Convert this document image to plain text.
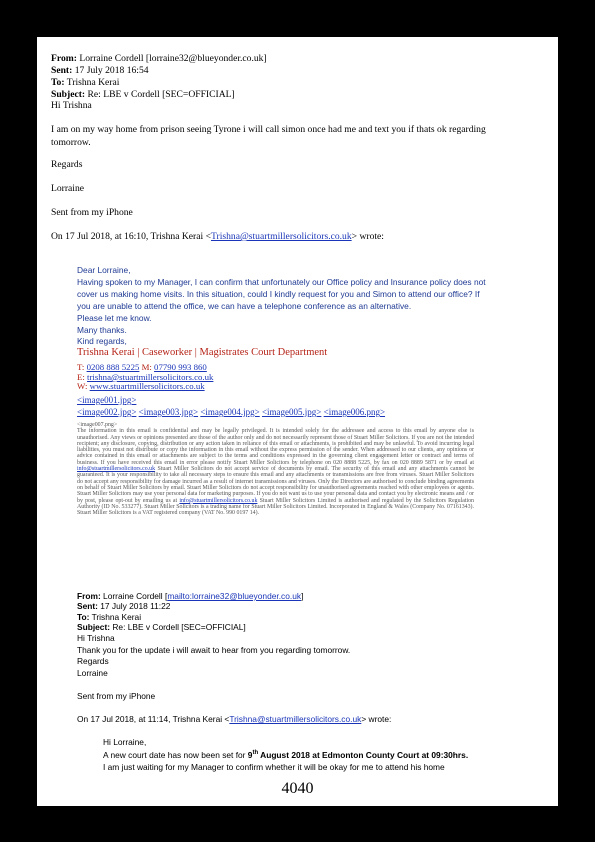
From: Lorraine Cordell [lorraine32@blueyonder.co.uk]
Sent: 17 July 2018 16:54
To: Trishna Kerai
Subject: Re: LBE v Cordell [SEC=OFFICIAL]
Hi Trishna
I am on my way home from prison seeing Tyrone i will call simon once had me and text you if thats ok regarding
tomorrow.
Regards
Lorraine
Sent from my iPhone
On 17 Jul 2018, at 16:10, Trishna Kerai <Trishna@stuartmillersolicitors.co.uk> wrote:
Dear Lorraine,
Having spoken to my Manager, I can confirm that unfortunately our Office policy and Insurance policy does not
cover us making home visits. In this situation, could I kindly request for you and Simon to attend our office? If
you are unable to attend the office, we can have a telephone conference as an alternative.
Please let me know.
Many thanks.
Kind regards,
Trishna Kerai | Caseworker | Magistrates Court Department
T: 0208 888 5225 M: 07790 993 860
E: trishna@stuartmillersolicitors.co.uk
W: www.stuartmillersolicitors.co.uk
<image001.jpg>
<image002.jpg> <image003.jpg> <image004.jpg> <image005.jpg> <image006.png>
<image007.png>
The information in this email is confidential and may be legally privileged. It is intended solely for the addressee and access to this email by anyone else is unauthorised. Any views or opinions presented are those of the author only and do not necessarily represent those of Stuart Miller Solicitors. If you are not the intended recipient; any disclosure, copying, distribution or any action taken in reliance of this email or attachments, is prohibited and may be unlawful. To avoid incurring legal liabilities, you must not distribute or copy the information in this email without the express permission of the sender. When addressed to our clients, any opinions or advice contained in this email or attachments are subject to the terms and conditions expressed in the governing client engagement letter or contract and terms of business. If you have received this email in error please notify Stuart Miller Solicitors by telephone on 020 8888 5225, by fax on 020 8889 5871 or by email at info@stuartmillersolicitors.co.uk Stuart Miller Solicitors do not accept service of documents by email. The security of this email and any attachments cannot be guaranteed. It is your responsibility to take all necessary steps to ensure this email and any attachments or transmissions are free from viruses. Stuart Miller Solicitors do not accept any responsibility for damage incurred as a result of internet transmissions and viruses. Only the Directors are authorised to conclude binding agreements on behalf of Stuart Miller Solicitors by email. Stuart Miller Solicitors do not accept responsibility for unauthorised agreements reached with other employees or agents. Stuart Miller Solicitors may use your personal data for marketing purposes. If you do not want us to use your personal data and contact you by electronic means and / or by post, please opt-out by emailing us at info@stuartmillersolicitors.co.uk Stuart Miller Solicitors Limited is authorised and regulated by the Solicitors Regulation Authority (ID No. 533277). Stuart Miller Solicitors is a trading name for Stuart Miller Solicitors Limited. Incorporated in England & Wales (Company No. 07161343). Stuart Miller Solicitors is a VAT registered company (VAT No. 990 0197 14).
From: Lorraine Cordell [mailto:lorraine32@blueyonder.co.uk]
Sent: 17 July 2018 11:22
To: Trishna Kerai
Subject: Re: LBE v Cordell [SEC=OFFICIAL]
Hi Trishna
Thank you for the update i will await to hear from you regarding tomorrow.
Regards
Lorraine
Sent from my iPhone
On 17 Jul 2018, at 11:14, Trishna Kerai <Trishna@stuartmillersolicitors.co.uk> wrote:
Hi Lorraine,
A new court date has now been set for 9th August 2018 at Edmonton County Court at 09:30hrs.
I am just waiting for my Manager to confirm whether it will be okay for me to attend his home
4040
